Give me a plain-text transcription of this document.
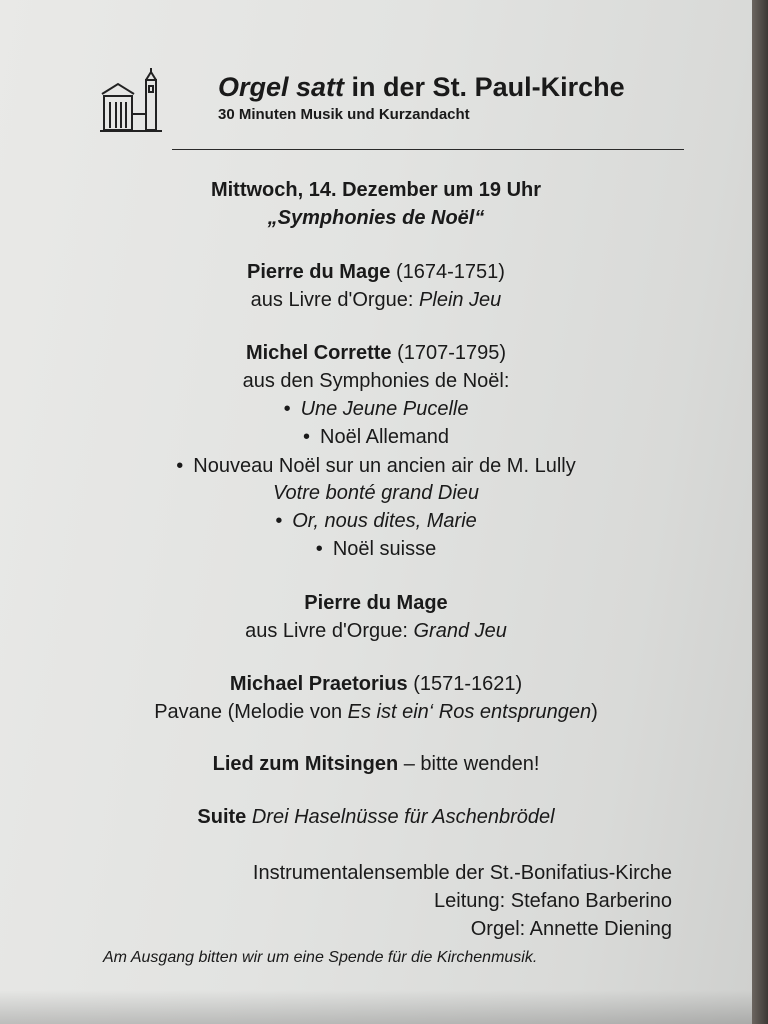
Orgel satt in der St. Paul-Kirche
30 Minuten Musik und Kurzandacht
Mittwoch, 14. Dezember um 19 Uhr
„Symphonies de Noël“
Pierre du Mage (1674-1751)
aus Livre d'Orgue: Plein Jeu
Michel Corrette (1707-1795)
aus den Symphonies de Noël:
• Une Jeune Pucelle
• Noël Allemand
• Nouveau Noël sur un ancien air de M. Lully
Votre bonté grand Dieu
• Or, nous dites, Marie
• Noël suisse
Pierre du Mage
aus Livre d'Orgue: Grand Jeu
Michael Praetorius (1571-1621)
Pavane (Melodie von Es ist ein‘ Ros entsprungen)
Lied zum Mitsingen – bitte wenden!
Suite Drei Haselnüsse für Aschenbrödel
Instrumentalensemble der St.-Bonifatius-Kirche
Leitung: Stefano Barberino
Orgel: Annette Diening
Am Ausgang bitten wir um eine Spende für die Kirchenmusik.
